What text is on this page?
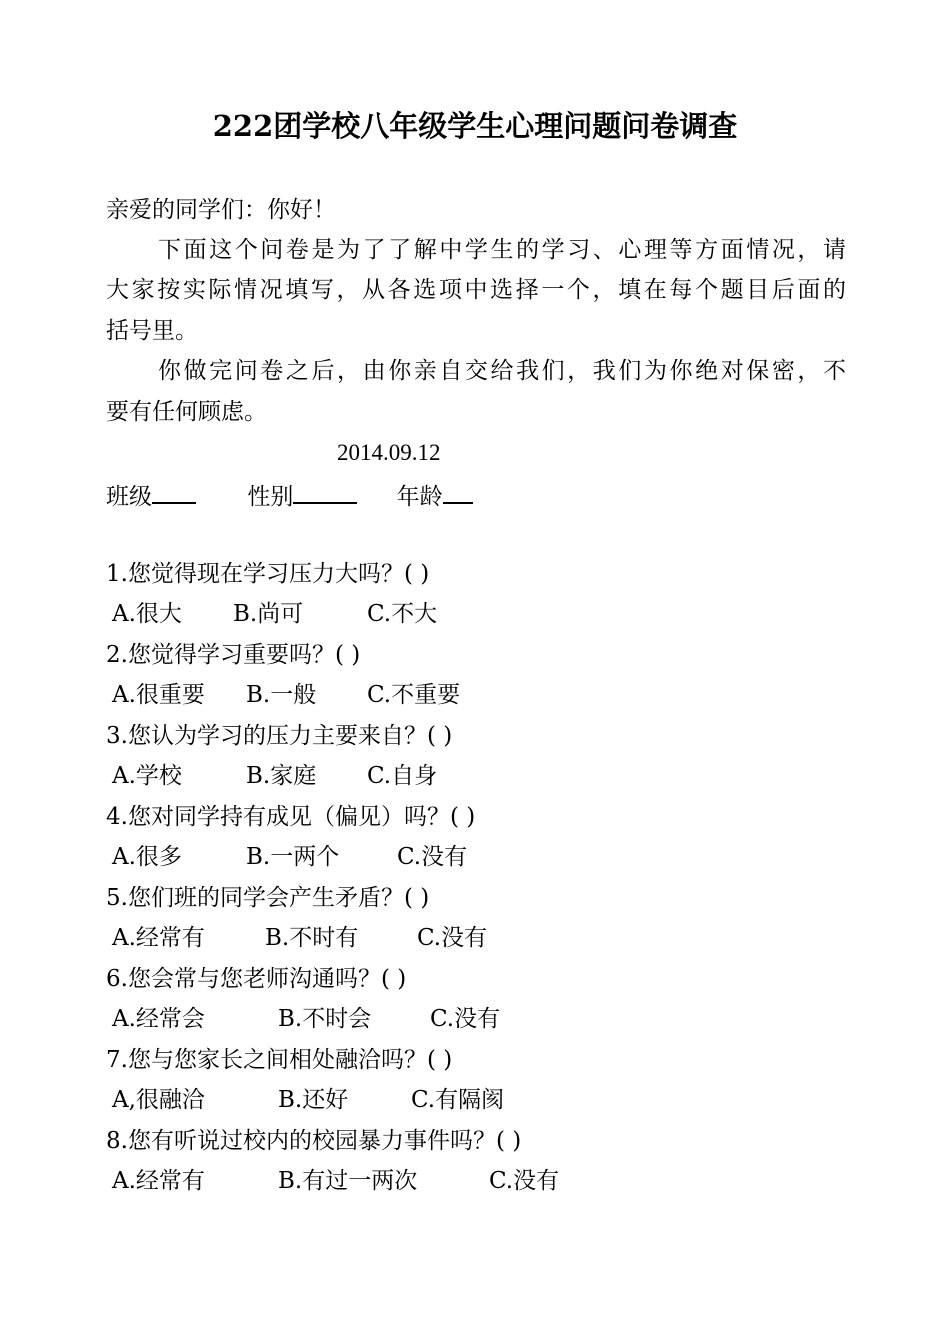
222团学校八年级学生心理问题问卷调查
亲爱的同学们：你好！
下面这个问卷是为了了解中学生的学习、心理等方面情况，请
大家按实际情况填写，从各选项中选择一个，填在每个题目后面的
括号里。
你做完问卷之后，由你亲自交给我们，我们为你绝对保密，不
要有任何顾虑。
2014.09.12
班级	性别	年龄
1.您觉得现在学习压力大吗？( )
A.很大 B.尚可	C.不大
2.您觉得学习重要吗？( )
A.很重要 B.一般 C.不重要
3.您认为学习的压力主要来自？( )
A.学校	B.家庭 C.自身
4.您对同学持有成见（偏见）吗？( )
A.很多	B.一两个	C.没有
5.您们班的同学会产生矛盾？( )
A.经常有	B.不时有	C.没有
6.您会常与您老师沟通吗？( )
A.经常会	B.不时会	C.没有
7.您与您家长之间相处融洽吗？( )
A,很融洽	B.还好	C.有隔阂
8.您有听说过校内的校园暴力事件吗？( )
A.经常有	B.有过一两次	C.没有
